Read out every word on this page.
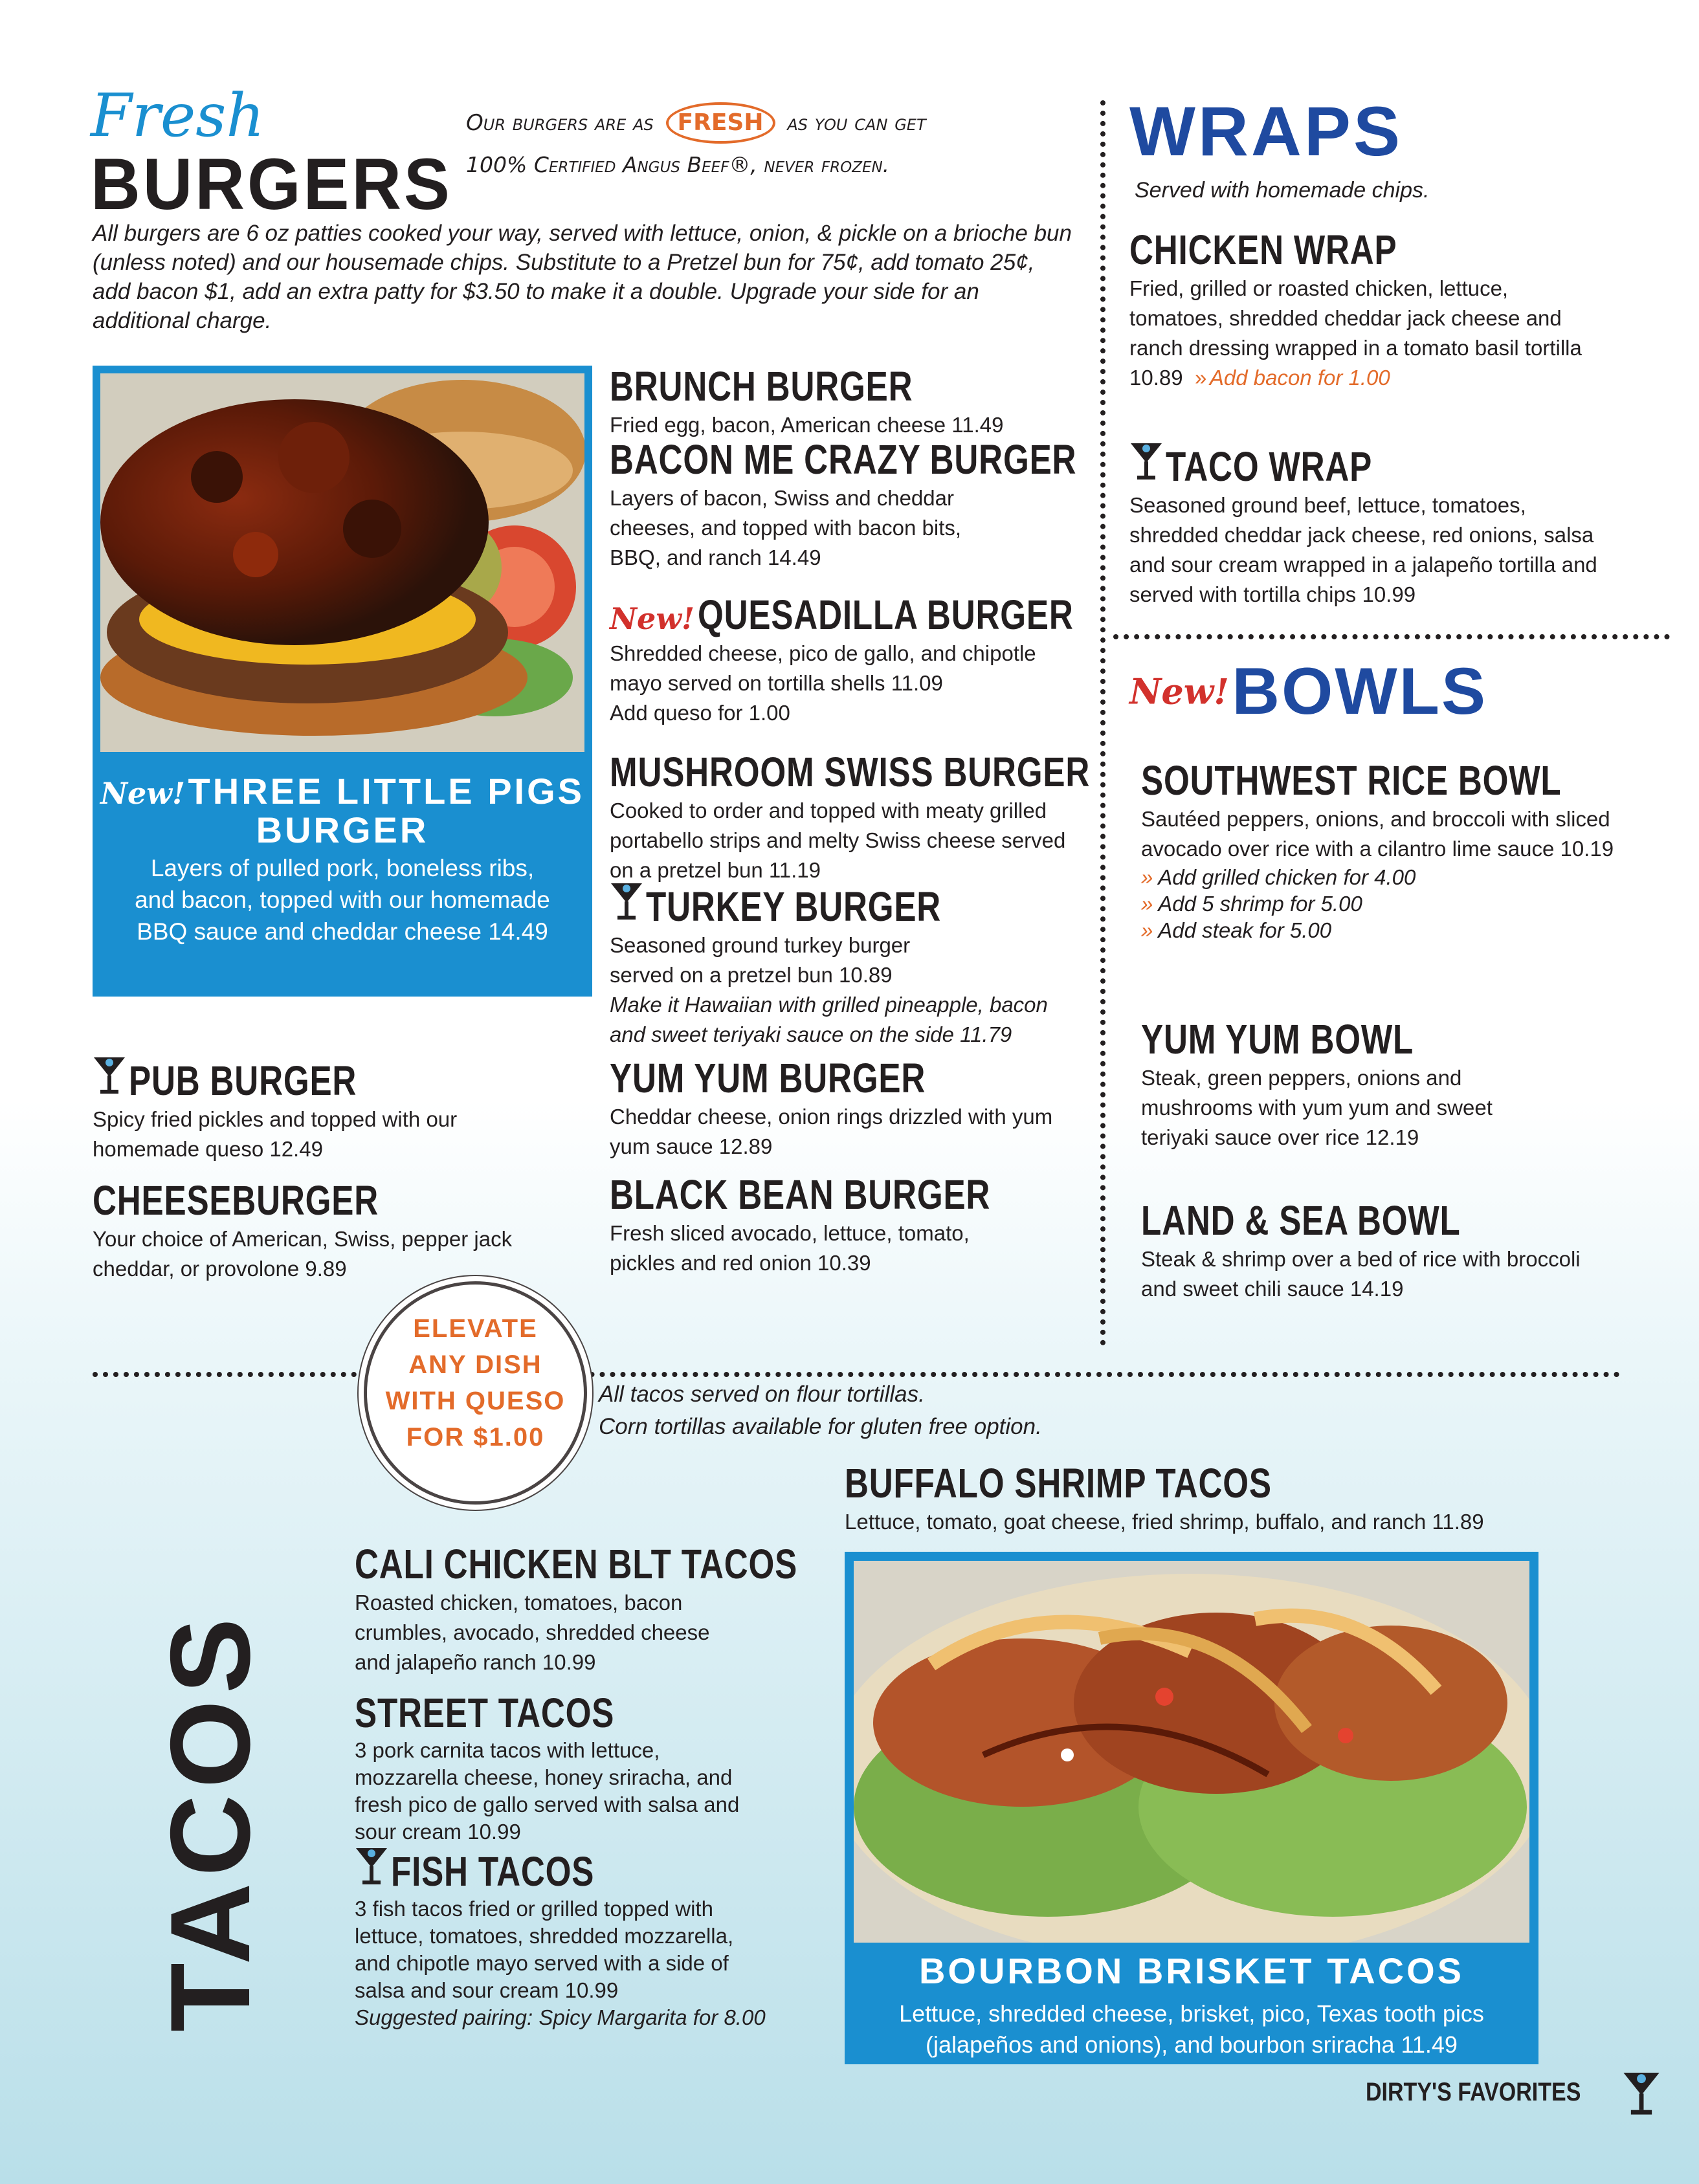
Fresh
BURGERS
Our burgers are as FRESH as you can get
100% Certified Angus Beef®, never frozen.
All burgers are 6 oz patties cooked your way, served with lettuce, onion, & pickle on a brioche bun (unless noted) and our housemade chips. Substitute to a Pretzel bun for 75¢, add tomato 25¢, add bacon $1, add an extra patty for $3.50 to make it a double. Upgrade your side for an additional charge.
New! THREE LITTLE PIGS
BURGER
Layers of pulled pork, boneless ribs, and bacon, topped with our homemade BBQ sauce and cheddar cheese 14.49
BRUNCH BURGER
Fried egg, bacon, American cheese 11.49
BACON ME CRAZY BURGER
Layers of bacon, Swiss and cheddar cheeses, and topped with bacon bits, BBQ, and ranch 14.49
New! QUESADILLA BURGER
Shredded cheese, pico de gallo, and chipotle mayo served on tortilla shells 11.09
Add queso for 1.00
MUSHROOM SWISS BURGER
Cooked to order and topped with meaty grilled portabello strips and melty Swiss cheese served on a pretzel bun 11.19
TURKEY BURGER
Seasoned ground turkey burger served on a pretzel bun 10.89
Make it Hawaiian with grilled pineapple, bacon and sweet teriyaki sauce on the side 11.79
YUM YUM BURGER
Cheddar cheese, onion rings drizzled with yum yum sauce 12.89
BLACK BEAN BURGER
Fresh sliced avocado, lettuce, tomato, pickles and red onion 10.39
PUB BURGER
Spicy fried pickles and topped with our homemade queso 12.49
CHEESEBURGER
Your choice of American, Swiss, pepper jack cheddar, or provolone 9.89
WRAPS
Served with homemade chips.
CHICKEN WRAP
Fried, grilled or roasted chicken, lettuce, tomatoes, shredded cheddar jack cheese and ranch dressing wrapped in a tomato basil tortilla 10.89 » Add bacon for 1.00
TACO WRAP
Seasoned ground beef, lettuce, tomatoes, shredded cheddar jack cheese, red onions, salsa and sour cream wrapped in a jalapeño tortilla and served with tortilla chips 10.99
New! BOWLS
SOUTHWEST RICE BOWL
Sautéed peppers, onions, and broccoli with sliced avocado over rice with a cilantro lime sauce 10.19
» Add grilled chicken for 4.00
» Add 5 shrimp for 5.00
» Add steak for 5.00
YUM YUM BOWL
Steak, green peppers, onions and mushrooms with yum yum and sweet teriyaki sauce over rice 12.19
LAND & SEA BOWL
Steak & shrimp over a bed of rice with broccoli and sweet chili sauce 14.19
ELEVATE
ANY DISH
WITH QUESO
FOR $1.00
All tacos served on flour tortillas.
Corn tortillas available for gluten free option.
TACOS
CALI CHICKEN BLT TACOS
Roasted chicken, tomatoes, bacon crumbles, avocado, shredded cheese and jalapeño ranch 10.99
STREET TACOS
3 pork carnita tacos with lettuce, mozzarella cheese, honey sriracha, and fresh pico de gallo served with salsa and sour cream 10.99
FISH TACOS
3 fish tacos fried or grilled topped with lettuce, tomatoes, shredded mozzarella, and chipotle mayo served with a side of salsa and sour cream 10.99
Suggested pairing: Spicy Margarita for 8.00
BUFFALO SHRIMP TACOS
Lettuce, tomato, goat cheese, fried shrimp, buffalo, and ranch 11.89
BOURBON BRISKET TACOS
Lettuce, shredded cheese, brisket, pico, Texas tooth pics
(jalapeños and onions), and bourbon sriracha 11.49
DIRTY'S FAVORITES
